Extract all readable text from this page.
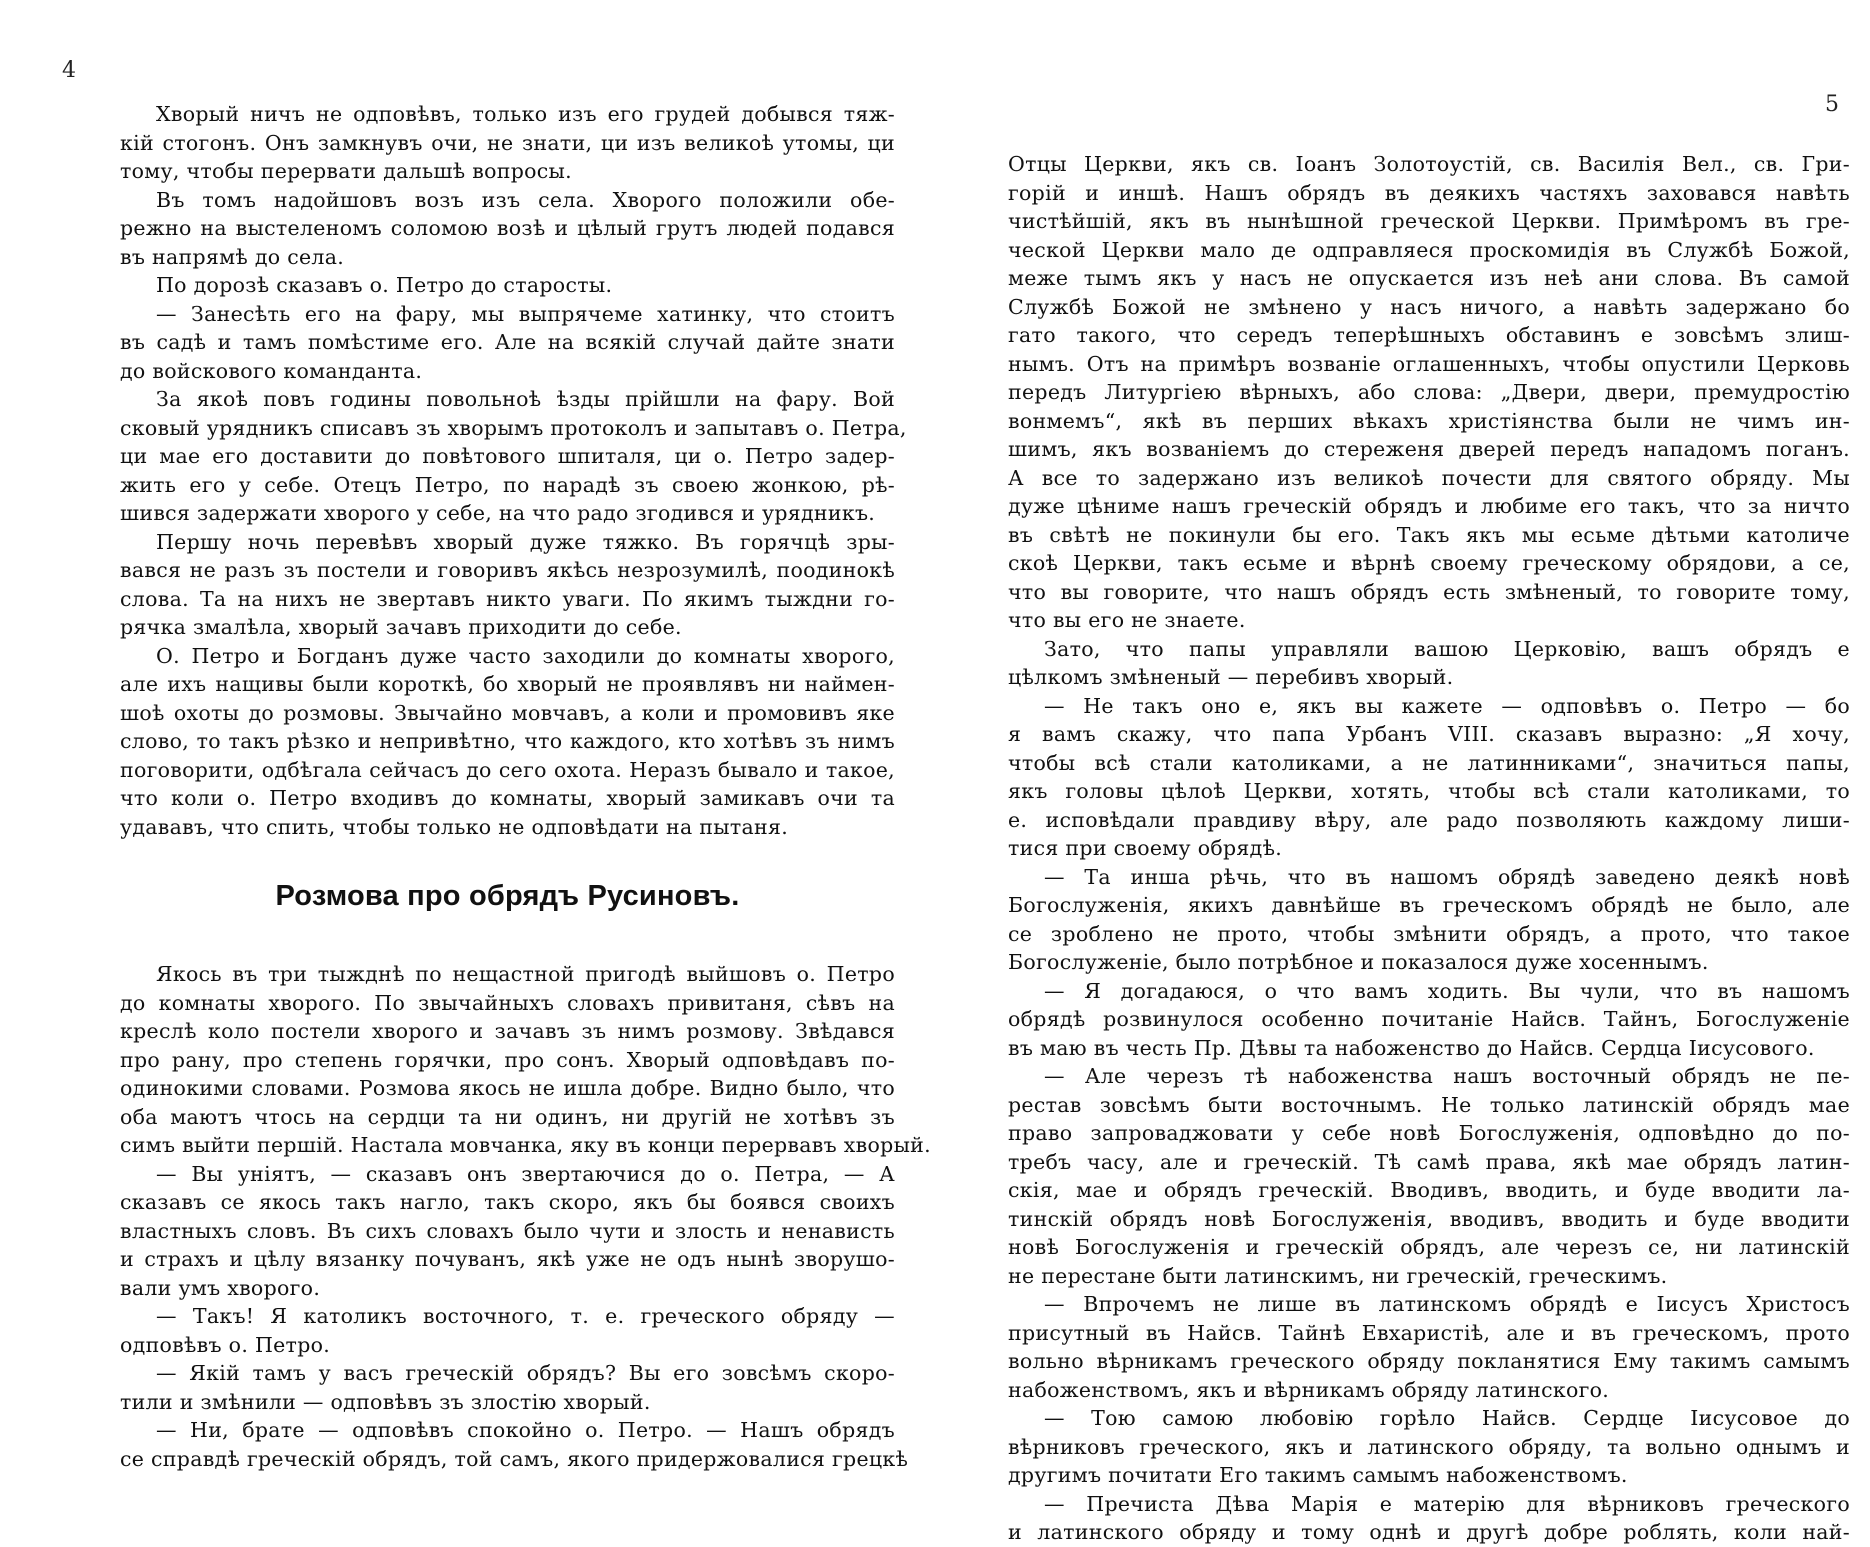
4
Хворый ничъ не одповѣвъ, только изъ его грудей добывся тяж-
кій стогонъ. Онъ замкнувъ очи, не знати, ци изъ великоѣ утомы, ци
тому, чтобы перервати дальшѣ вопросы.
Въ томъ надойшовъ возъ изъ села. Хворого положили обе-
режно на выстеленомъ соломою возѣ и цѣлый грутъ людей подався
въ напрямѣ до села.
По дорозѣ сказавъ о. Петро до старосты.
— Занесѣть его на фару, мы выпрячеме хатинку, что стоитъ
въ садѣ и тамъ помѣстиме его. Але на всякій случай дайте знати
до войскового команданта.
За якоѣ повъ годины повольноѣ ѣзды прійшли на фару. Вой
сковый урядникъ списавъ зъ хворымъ протоколъ и запытавъ о. Петра,
ци мае его доставити до повѣтового шпиталя, ци о. Петро задер-
жить его у себе. Отецъ Петро, по нарадѣ зъ своею жонкою, рѣ-
шився задержати хворого у себе, на что радо згодився и урядникъ.
Першу ночь перевѣвъ хворый дуже тяжко. Въ горячцѣ зры-
вався не разъ зъ постели и говоривъ якѣсь незрозумилѣ, поодинокѣ
слова. Та на нихъ не звертавъ никто уваги. По якимъ тыждни го-
рячка змалѣла, хворый зачавъ приходити до себе.
О. Петро и Богданъ дуже часто заходили до комнаты хворого,
але ихъ нащивы были короткѣ, бо хворый не проявлявъ ни наймен-
шоѣ охоты до розмовы. Звычайно мовчавъ, а коли и промовивъ яке
слово, то такъ рѣзко и непривѣтно, что каждого, кто хотѣвъ зъ нимъ
поговорити, одбѣгала сейчасъ до сего охота. Неразъ бывало и такое,
что коли о. Петро входивъ до комнаты, хворый замикавъ очи та
удававъ, что спить, чтобы только не одповѣдати на пытаня.
Розмова про обрядъ Русиновъ.
Якось въ три тыжднѣ по нещастной пригодѣ выйшовъ о. Петро
до комнаты хворого. По звычайныхъ словахъ привитаня, сѣвъ на
креслѣ коло постели хворого и зачавъ зъ нимъ розмову. Звѣдався
про рану, про степень горячки, про сонъ. Хворый одповѣдавъ по-
одинокими словами. Розмова якось не ишла добре. Видно было, что
оба маютъ чтось на сердци та ни одинъ, ни другій не хотѣвъ зъ
симъ выйти першій. Настала мовчанка, яку въ конци перервавъ хворый.
— Вы унiятъ, — сказавъ онъ звертаючися до о. Петра, — А
сказавъ се якось такъ нагло, такъ скоро, якъ бы боявся своихъ
властныхъ словъ. Въ сихъ словахъ было чути и злость и ненависть
и страхъ и цѣлу вязанку почуванъ, якѣ уже не одъ нынѣ зворушо-
вали умъ хворого.
— Такъ! Я католикъ восточного, т. е. греческого обряду —
одповѣвъ о. Петро.
— Якій тамъ у васъ греческій обрядъ? Вы его зовсѣмъ скоро-
тили и змѣнили — одповѣвъ зъ злостію хворый.
— Ни, брате — одповѣвъ спокойно о. Петро. — Нашъ обрядъ
се справдѣ греческій обрядъ, той самъ, якого придержовалися грецкѣ
5
Отцы Церкви, якъ св. Іоанъ Золотоустій, св. Василія Вел., св. Гри-
горій и иншѣ. Нашъ обрядъ въ деякихъ частяхъ заховався навѣть
чистѣйшій, якъ въ нынѣшной греческой Церкви. Примѣромъ въ гре-
ческой Церкви мало де одправляеся проскомидія въ Службѣ Божой,
меже тымъ якъ у насъ не опускается изъ неѣ ани слова. Въ самой
Службѣ Божой не змѣнено у насъ ничого, а навѣть задержано бо
гато такого, что середъ теперѣшныхъ обставинъ е зовсѣмъ злиш-
нымъ. Отъ на примѣръ возваніе оглашенныхъ, чтобы опустили Церковь
передъ Литургіею вѣрныхъ, або слова: „Двери, двери, премудростію
вонмемъ“, якѣ въ перших вѣкахъ христіянства были не чимъ ин-
шимъ, якъ возваніемъ до стереженя дверей передъ нападомъ поганъ.
А все то задержано изъ великоѣ почести для святого обряду. Мы
дуже цѣниме нашъ греческій обрядъ и любиме его такъ, что за ничто
въ свѣтѣ не покинули бы его. Такъ якъ мы есьме дѣтьми католиче
скоѣ Церкви, такъ есьме и вѣрнѣ своему греческому обрядови, а се,
что вы говорите, что нашъ обрядъ есть змѣненый, то говорите тому,
что вы его не знаете.
Зато, что папы управляли вашою Церковію, вашъ обрядъ е
цѣлкомъ змѣненый — перебивъ хворый.
— Не такъ оно е, якъ вы кажете — одповѣвъ о. Петро — бо
я вамъ скажу, что папа Урбанъ VIII. сказавъ выразно: „Я хочу,
чтобы всѣ стали католиками, а не латинниками“, значиться папы,
якъ головы цѣлоѣ Церкви, хотять, чтобы всѣ стали католиками, то
е. исповѣдали правдиву вѣру, але радо позволяють каждому лиши-
тися при своему обрядѣ.
— Та инша рѣчь, что въ нашомъ обрядѣ заведено деякѣ новѣ
Богослуженія, якихъ давнѣйше въ греческомъ обрядѣ не было, але
се зроблено не прото, чтобы змѣнити обрядъ, а прото, что такое
Богослуженіе, было потрѣбное и показалося дуже хосеннымъ.
— Я догадаюся, о что вамъ ходить. Вы чули, что въ нашомъ
обрядѣ розвинулося особенно почитаніе Найсв. Тайнъ, Богослуженіе
въ маю въ честь Пр. Дѣвы та набоженство до Найсв. Сердца Іисусового.
— Але черезъ тѣ набоженства нашъ восточный обрядъ не пе-
рестав зовсѣмъ быти восточнымъ. Не только латинскій обрядъ мае
право запроваджовати у себе новѣ Богослуженія, одповѣдно до по-
требъ часу, але и греческій. Тѣ самѣ права, якѣ мае обрядъ латин-
скія, мае и обрядъ греческій. Вводивъ, вводить, и буде вводити ла-
тинскій обрядъ новѣ Богослуженія, вводивъ, вводить и буде вводити
новѣ Богослуженія и греческій обрядъ, але черезъ се, ни латинскій
не перестане быти латинскимъ, ни греческій, греческимъ.
— Впрочемъ не лише въ латинскомъ обрядѣ е Іисусъ Христосъ
присутный въ Найсв. Тайнѣ Евхаристіѣ, але и въ греческомъ, прото
вольно вѣрникамъ греческого обряду покланятися Ему такимъ самымъ
набоженствомъ, якъ и вѣрникамъ обряду латинского.
— Тою самою любовію горѣло Найсв. Сердце Іисусовое до
вѣрниковъ греческого, якъ и латинского обряду, та вольно однымъ и
другимъ почитати Его такимъ самымъ набоженствомъ.
— Пречиста Дѣва Марія е матерію для вѣрниковъ греческого
и латинского обряду и тому однѣ и другѣ добре роблять, коли най-
